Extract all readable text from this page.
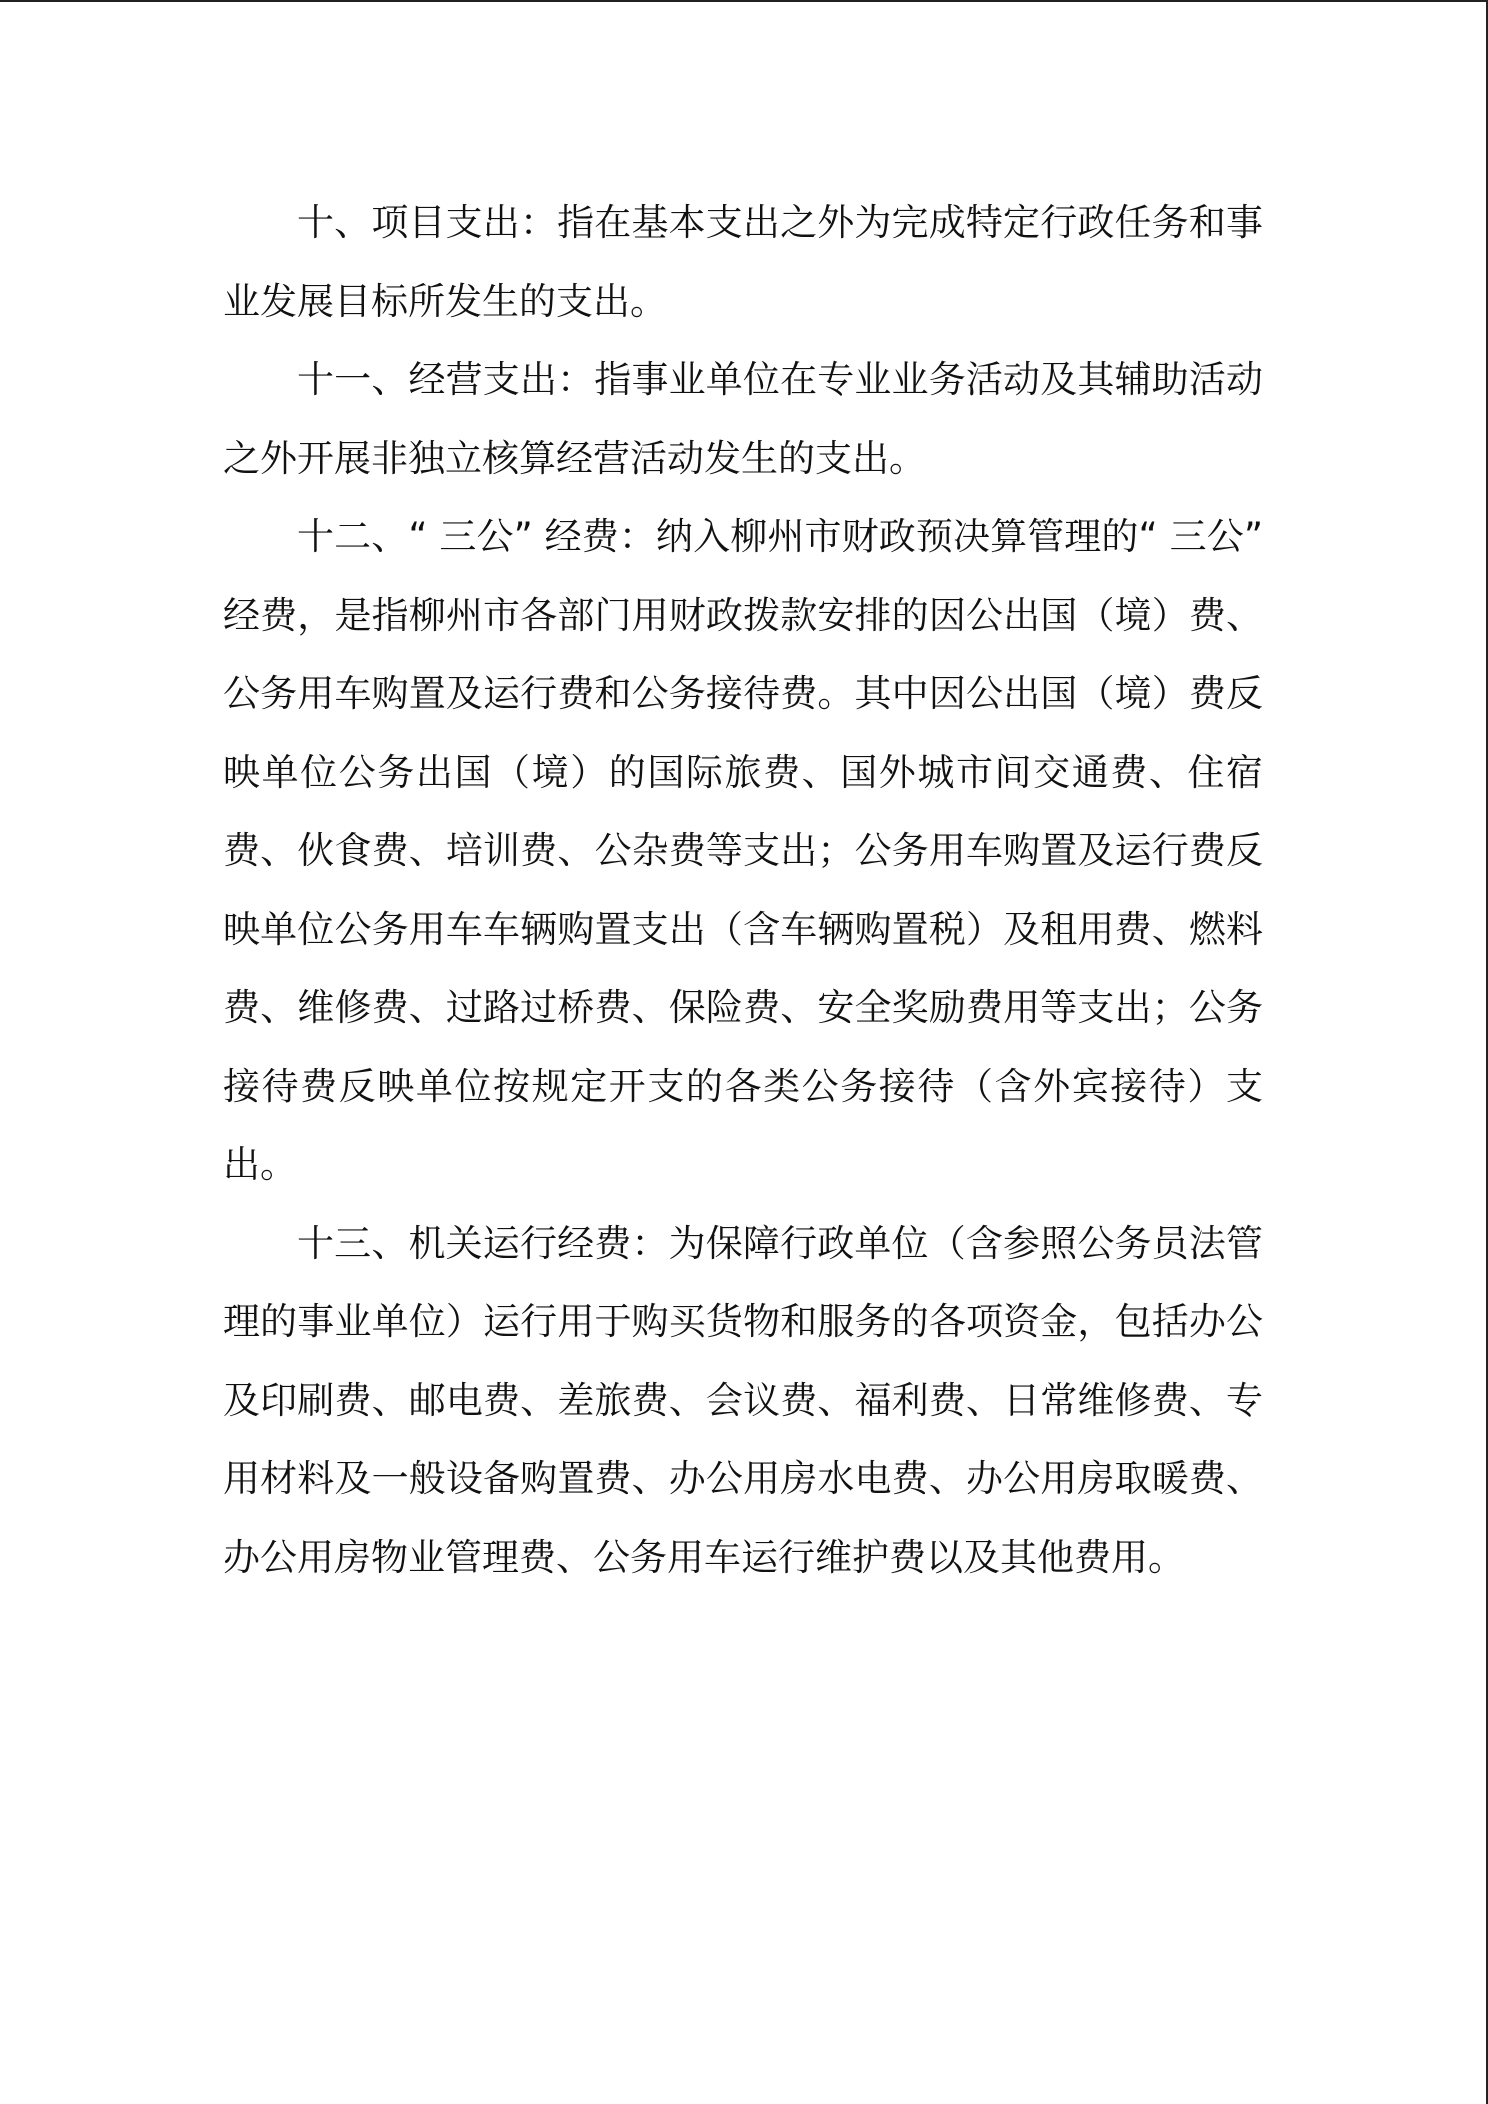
十、项目支出：指在基本支出之外为完成特定行政任务和事业发展目标所发生的支出。

十一、经营支出：指事业单位在专业业务活动及其辅助活动之外开展非独立核算经营活动发生的支出。

十二、“ 三公” 经费：纳入柳州市财政预决算管理的“ 三公” 经费，是指柳州市各部门用财政拨款安排的因公出国（境）费、公务用车购置及运行费和公务接待费。其中因公出国（境）费反映单位公务出国（境）的国际旅费、国外城市间交通费、住宿费、伙食费、培训费、公杂费等支出；公务用车购置及运行费反映单位公务用车车辆购置支出（含车辆购置税）及租用费、燃料费、维修费、过路过桥费、保险费、安全奖励费用等支出；公务接待费反映单位按规定开支的各类公务接待（含外宾接待）支出。

十三、机关运行经费：为保障行政单位（含参照公务员法管理的事业单位）运行用于购买货物和服务的各项资金，包括办公及印刷费、邮电费、差旅费、会议费、福利费、日常维修费、专用材料及一般设备购置费、办公用房水电费、办公用房取暖费、办公用房物业管理费、公务用车运行维护费以及其他费用。
